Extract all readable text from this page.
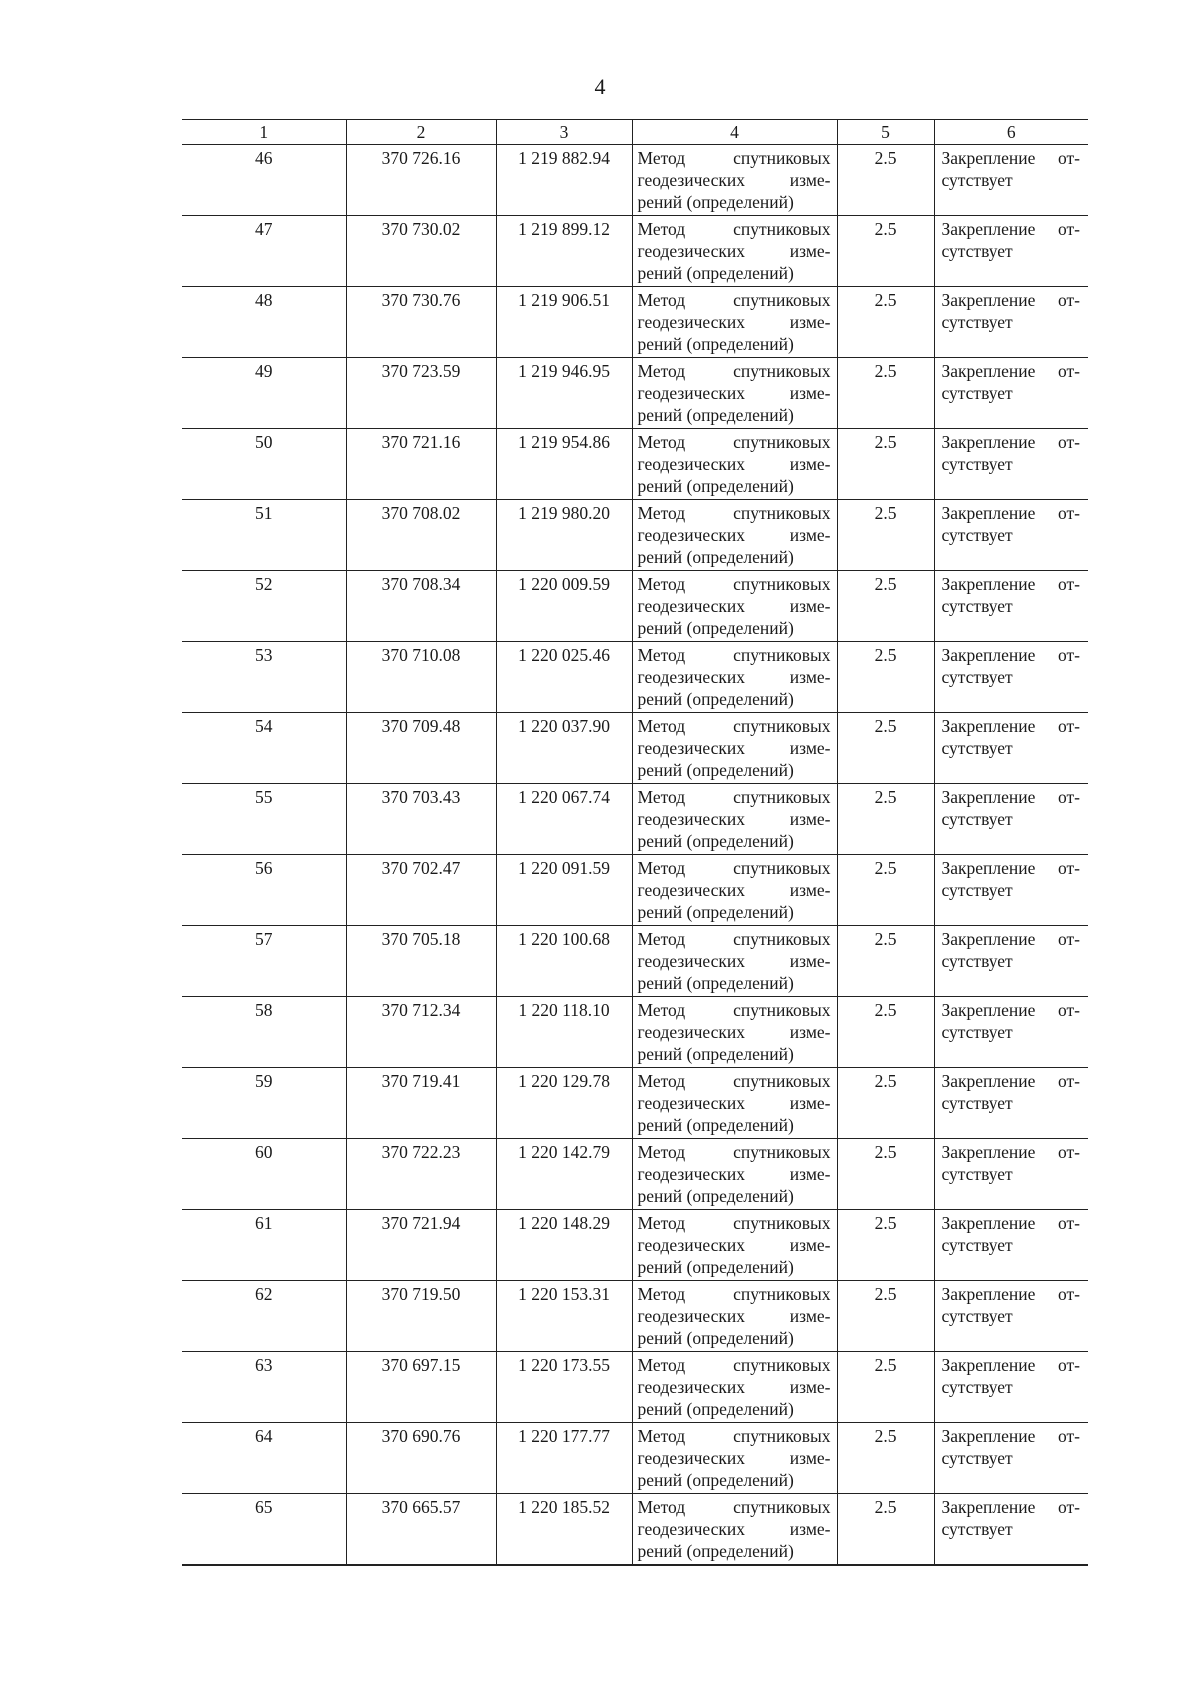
4
1	2	3	4	5	6
46	370 726.16	1 219 882.94	Метод спутниковых
геодезических изме-
рений (определений)	2.5	Закрепление от-
сутствует

47	370 730.02	1 219 899.12	Метод спутниковых
геодезических изме-
рений (определений)	2.5	Закрепление от-
сутствует

48	370 730.76	1 219 906.51	Метод спутниковых
геодезических изме-
рений (определений)	2.5	Закрепление от-
сутствует

49	370 723.59	1 219 946.95	Метод спутниковых
геодезических изме-
рений (определений)	2.5	Закрепление от-
сутствует

50	370 721.16	1 219 954.86	Метод спутниковых
геодезических изме-
рений (определений)	2.5	Закрепление от-
сутствует

51	370 708.02	1 219 980.20	Метод спутниковых
геодезических изме-
рений (определений)	2.5	Закрепление от-
сутствует

52	370 708.34	1 220 009.59	Метод спутниковых
геодезических изме-
рений (определений)	2.5	Закрепление от-
сутствует

53	370 710.08	1 220 025.46	Метод спутниковых
геодезических изме-
рений (определений)	2.5	Закрепление от-
сутствует

54	370 709.48	1 220 037.90	Метод спутниковых
геодезических изме-
рений (определений)	2.5	Закрепление от-
сутствует

55	370 703.43	1 220 067.74	Метод спутниковых
геодезических изме-
рений (определений)	2.5	Закрепление от-
сутствует

56	370 702.47	1 220 091.59	Метод спутниковых
геодезических изме-
рений (определений)	2.5	Закрепление от-
сутствует

57	370 705.18	1 220 100.68	Метод спутниковых
геодезических изме-
рений (определений)	2.5	Закрепление от-
сутствует

58	370 712.34	1 220 118.10	Метод спутниковых
геодезических изме-
рений (определений)	2.5	Закрепление от-
сутствует

59	370 719.41	1 220 129.78	Метод спутниковых
геодезических изме-
рений (определений)	2.5	Закрепление от-
сутствует

60	370 722.23	1 220 142.79	Метод спутниковых
геодезических изме-
рений (определений)	2.5	Закрепление от-
сутствует

61	370 721.94	1 220 148.29	Метод спутниковых
геодезических изме-
рений (определений)	2.5	Закрепление от-
сутствует

62	370 719.50	1 220 153.31	Метод спутниковых
геодезических изме-
рений (определений)	2.5	Закрепление от-
сутствует

63	370 697.15	1 220 173.55	Метод спутниковых
геодезических изме-
рений (определений)	2.5	Закрепление от-
сутствует

64	370 690.76	1 220 177.77	Метод спутниковых
геодезических изме-
рений (определений)	2.5	Закрепление от-
сутствует

65	370 665.57	1 220 185.52	Метод спутниковых
геодезических изме-
рений (определений)	2.5	Закрепление от-
сутствует
